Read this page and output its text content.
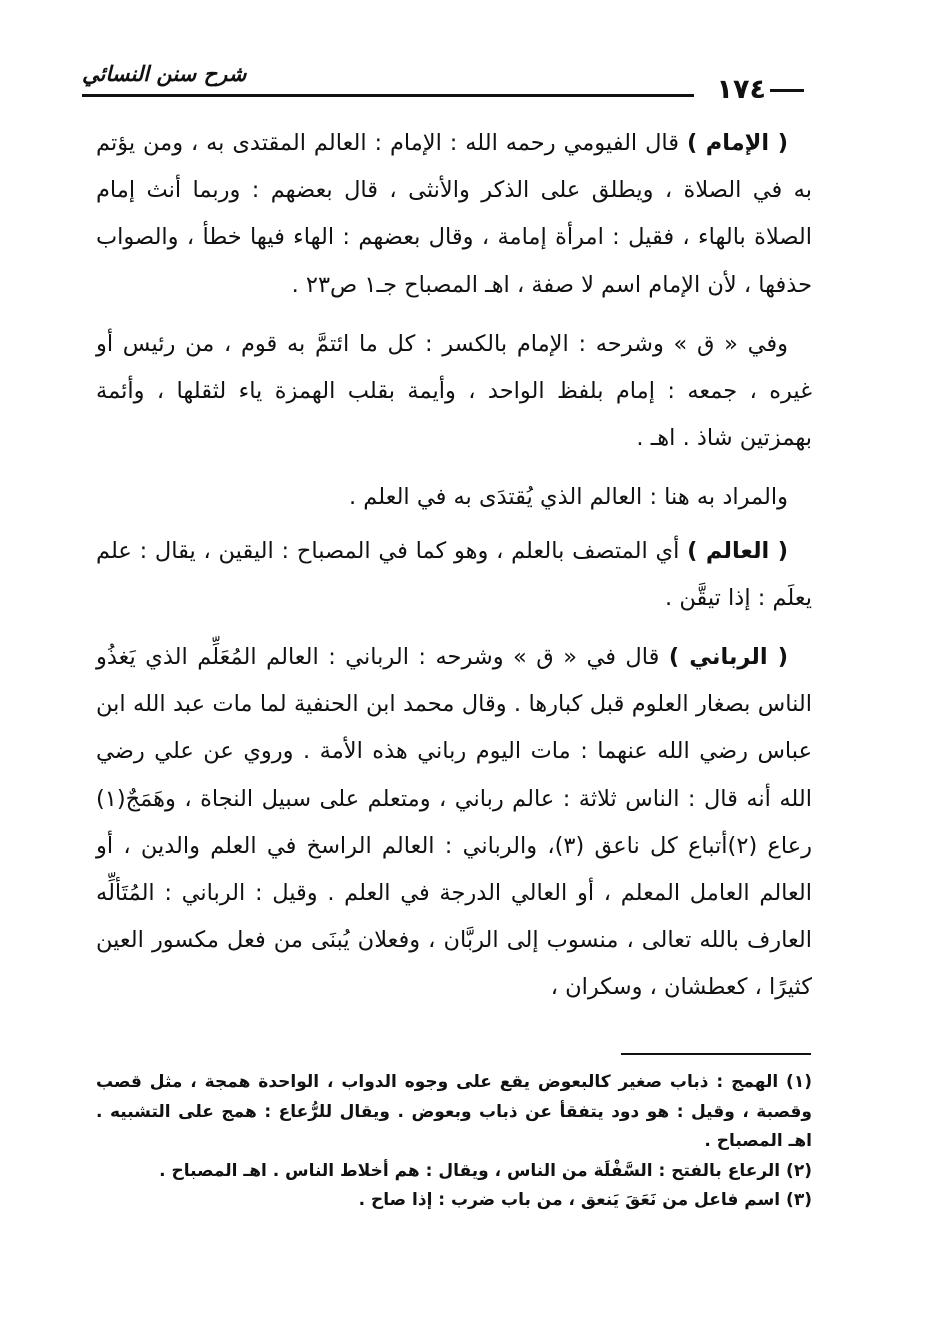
١٧٤
شرح سنن النسائي

( الإمام ) قال الفيومي رحمه الله : الإمام : العالم المقتدى به ، ومن يؤتم به في الصلاة ، ويطلق على الذكر والأنثى ، قال بعضهم : وربما أنث إمام الصلاة بالهاء ، فقيل : امرأة إمامة ، وقال بعضهم : الهاء فيها خطأ ، والصواب حذفها ، لأن الإمام اسم لا صفة ، اهـ المصباح جـ١ ص٢٣ .

وفي « ق » وشرحه : الإمام بالكسر : كل ما ائتمَّ به قوم ، من رئيس أو غيره ، جمعه : إمام بلفظ الواحد ، وأيمة بقلب الهمزة ياء لثقلها ، وأئمة بهمزتين شاذ . اهـ .

والمراد به هنا : العالم الذي يُقتدَى به في العلم .

( العالم ) أي المتصف بالعلم ، وهو كما في المصباح : اليقين ، يقال : علم يعلَم : إذا تيقَّن .

( الرباني ) قال في « ق » وشرحه : الرباني : العالم المُعَلِّم الذي يَغذُو الناس بصغار العلوم قبل كبارها . وقال محمد ابن الحنفية لما مات عبد الله ابن عباس رضي الله عنهما : مات اليوم رباني هذه الأمة . وروي عن علي رضي الله أنه قال : الناس ثلاثة : عالم رباني ، ومتعلم على سبيل النجاة ، وهَمَجٌ(١) رعاع (٢)أتباع كل ناعق (٣)، والرباني : العالم الراسخ في العلم والدين ، أو العالم العامل المعلم ، أو العالي الدرجة في العلم . وقيل : الرباني : المُتَألِّه العارف بالله تعالى ، منسوب إلى الربَّان ، وفعلان يُبنَى من فعل مكسور العين كثيرًا ، كعطشان ، وسكران ،

(١) الهمج : ذباب صغير كالبعوض يقع على وجوه الدواب ، الواحدة همجة ، مثل قصب وقصبة ، وقيل : هو دود يتفقأ عن ذباب وبعوض . ويقال للرُّعاع : همج على التشبيه . اهـ المصباح .

(٢) الرعاع بالفتح : السَّفْلَة من الناس ، ويقال : هم أخلاط الناس . اهـ المصباح .

(٣) اسم فاعل من نَعَقَ يَنعق ، من باب ضرب : إذا صاح .
